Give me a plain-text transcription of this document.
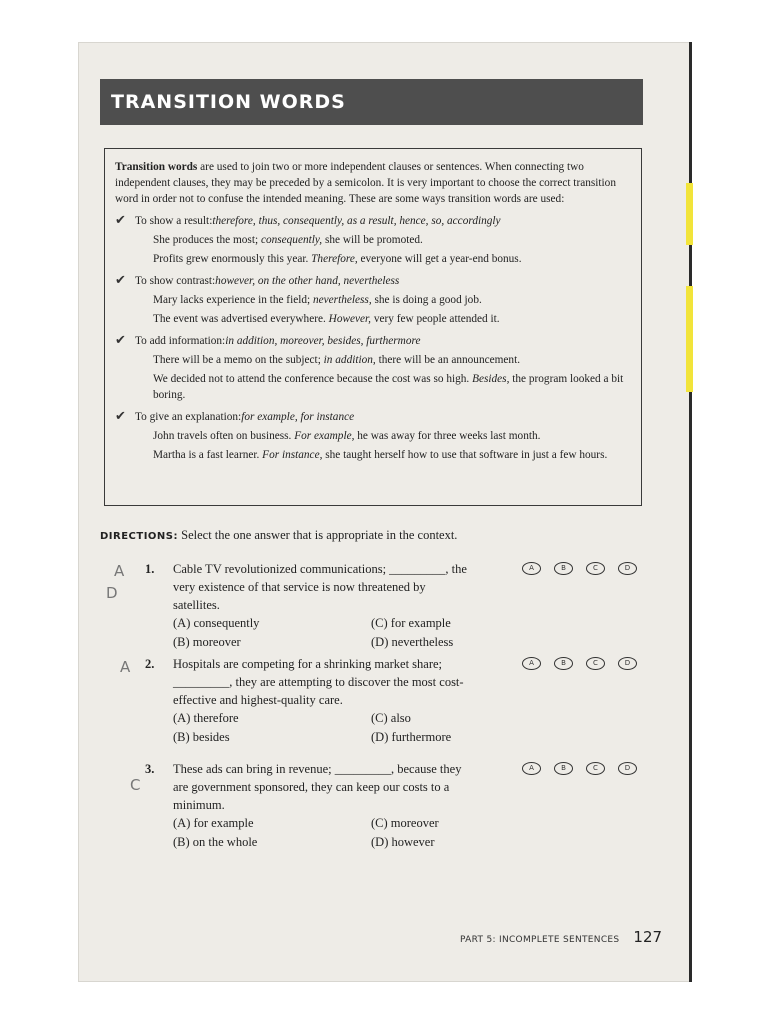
TRANSITION WORDS
Transition words are used to join two or more independent clauses or sentences. When connecting two independent clauses, they may be preceded by a semicolon. It is very important to choose the correct transition word in order not to confuse the intended meaning. These are some ways transition words are used:
✔ To show a result: therefore, thus, consequently, as a result, hence, so, accordingly
She produces the most; consequently, she will be promoted.
Profits grew enormously this year. Therefore, everyone will get a year-end bonus.
✔ To show contrast: however, on the other hand, nevertheless
Mary lacks experience in the field; nevertheless, she is doing a good job.
The event was advertised everywhere. However, very few people attended it.
✔ To add information: in addition, moreover, besides, furthermore
There will be a memo on the subject; in addition, there will be an announcement.
We decided not to attend the conference because the cost was so high. Besides, the program looked a bit boring.
✔ To give an explanation: for example, for instance
John travels often on business. For example, he was away for three weeks last month.
Martha is a fast learner. For instance, she taught herself how to use that software in just a few hours.
DIRECTIONS: Select the one answer that is appropriate in the context.
1. Cable TV revolutionized communications; _________, the very existence of that service is now threatened by satellites.
(A) consequently	(C) for example
(B) moreover	(D) nevertheless
A	B	C	D
2. Hospitals are competing for a shrinking market share; _________, they are attempting to discover the most cost-effective and highest-quality care.
(A) therefore	(C) also
(B) besides	(D) furthermore
A	B	C	D
3. These ads can bring in revenue; _________, because they are government sponsored, they can keep our costs to a minimum.
(A) for example	(C) moreover
(B) on the whole	(D) however
A	B	C	D
A
D
A
C
PART 5: INCOMPLETE SENTENCES 127
